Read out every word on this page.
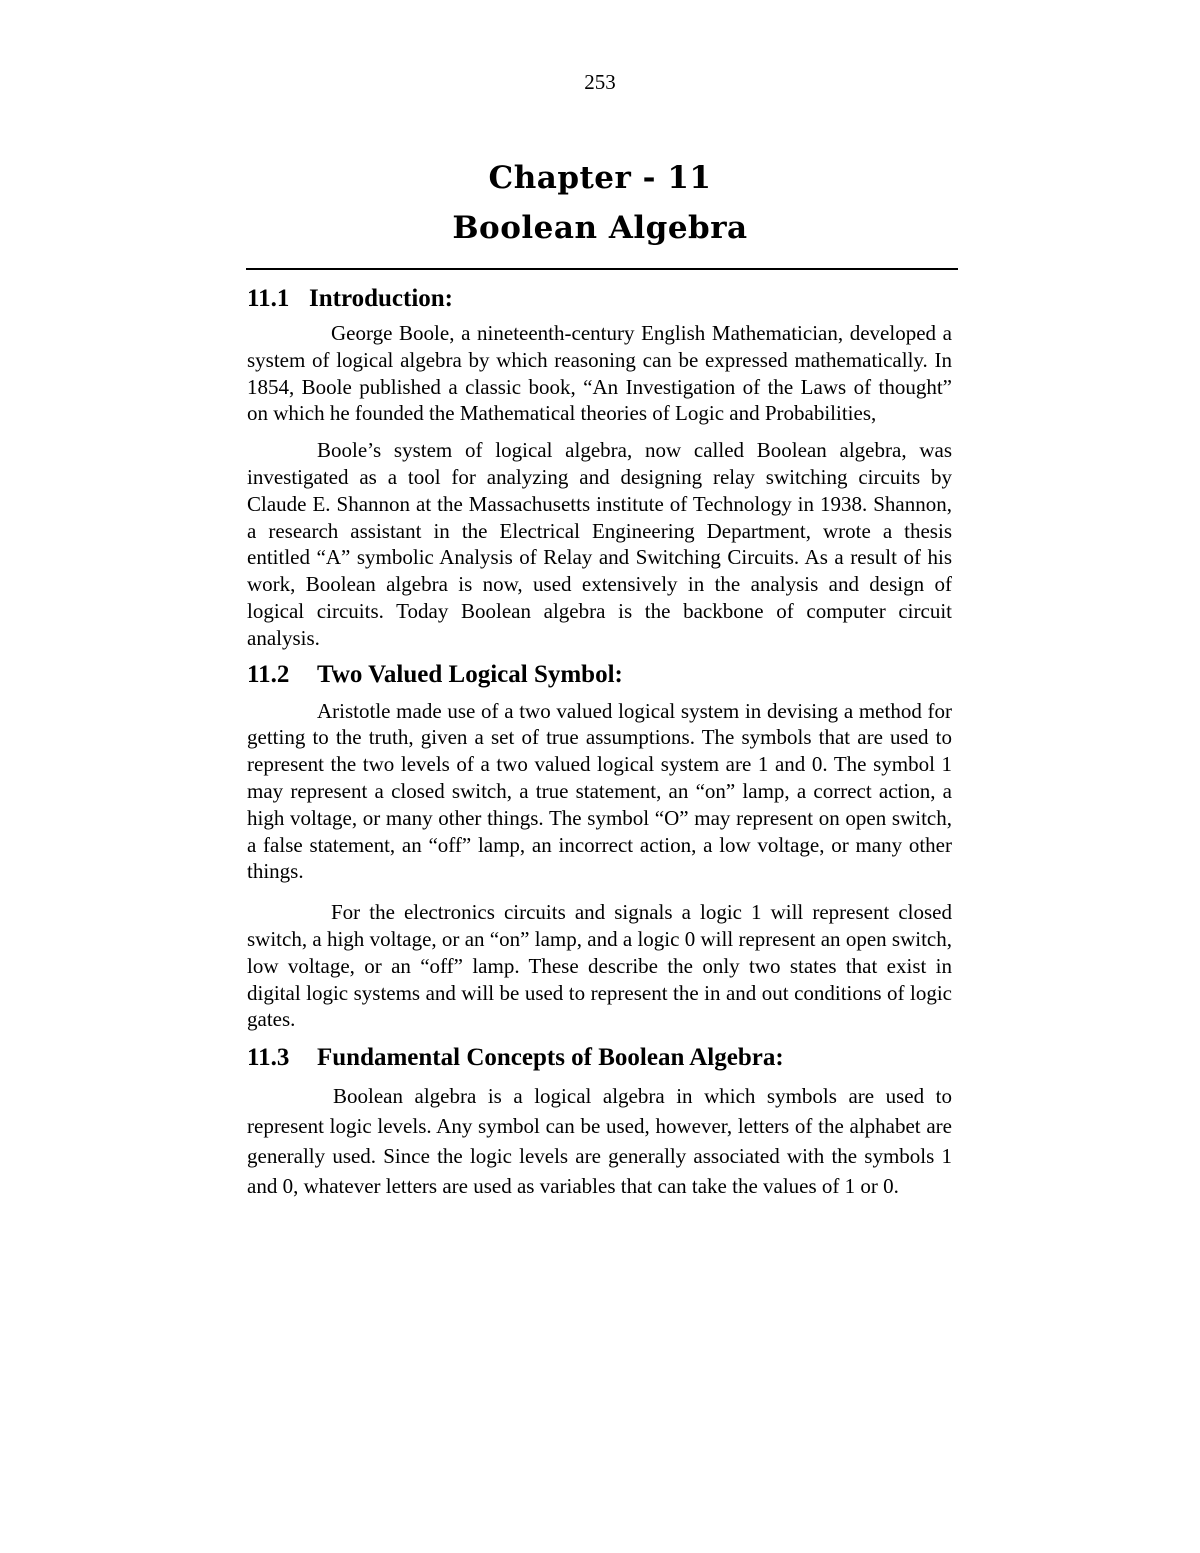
253
Chapter - 11
Boolean Algebra
11.1 Introduction:

George Boole, a nineteenth-century English Mathematician, developed a system of logical algebra by which reasoning can be expressed mathematically. In 1854, Boole published a classic book, “An Investigation of the Laws of thought” on which he founded the Mathematical theories of Logic and Probabilities,

Boole’s system of logical algebra, now called Boolean algebra, was investigated as a tool for analyzing and designing relay switching circuits by Claude E. Shannon at the Massachusetts institute of Technology in 1938. Shannon, a research assistant in the Electrical Engineering Department, wrote a thesis entitled “A” symbolic Analysis of Relay and Switching Circuits. As a result of his work, Boolean algebra is now, used extensively in the analysis and design of logical circuits. Today Boolean algebra is the backbone of computer circuit analysis.

11.2 Two Valued Logical Symbol:

Aristotle made use of a two valued logical system in devising a method for getting to the truth, given a set of true assumptions. The symbols that are used to represent the two levels of a two valued logical system are 1 and 0. The symbol 1 may represent a closed switch, a true statement, an “on” lamp, a correct action, a high voltage, or many other things. The symbol “O” may represent on open switch, a false statement, an “off” lamp, an incorrect action, a low voltage, or many other things.

For the electronics circuits and signals a logic 1 will represent closed switch, a high voltage, or an “on” lamp, and a logic 0 will represent an open switch, low voltage, or an “off” lamp. These describe the only two states that exist in digital logic systems and will be used to represent the in and out conditions of logic gates.

11.3 Fundamental Concepts of Boolean Algebra:

Boolean algebra is a logical algebra in which symbols are used to represent logic levels. Any symbol can be used, however, letters of the alphabet are generally used. Since the logic levels are generally associated with the symbols 1 and 0, whatever letters are used as variables that can take the values of 1 or 0.
